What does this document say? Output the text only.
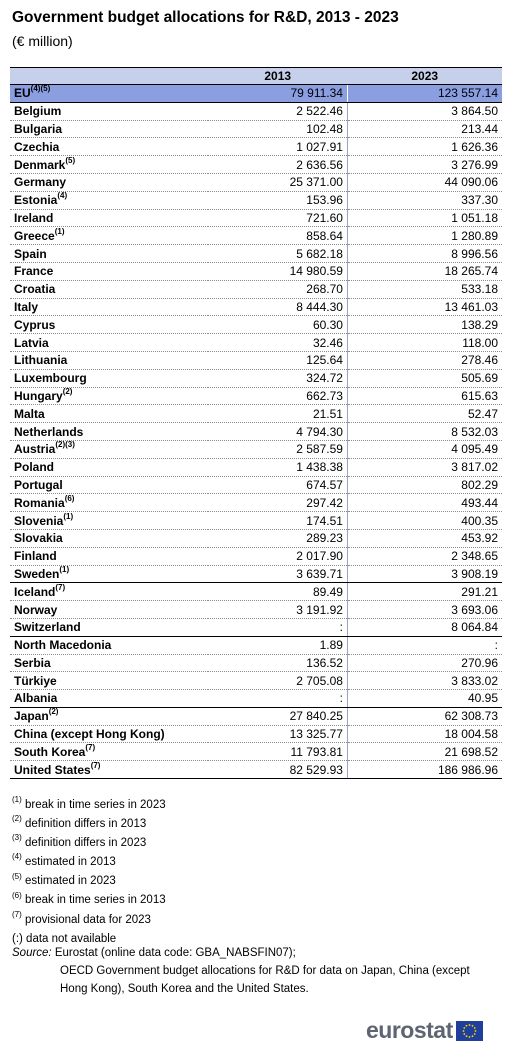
Government budget allocations for R&D, 2013 - 2023
(€ million)
	2013	2023
$EU^{(4)(5)}$	79 911.34	123 557.14
Belgium	2 522.46	3 864.50
Bulgaria	102.48	213.44
Czechia	1 027.91	1 626.36
Denmark$^{(5)}$	2 636.56	3 276.99
Germany	25 371.00	44 090.06
Estonia$^{(4)}$	153.96	337.30
Ireland	721.60	1 051.18
Greece$^{(1)}$	858.64	1 280.89
Spain	5 682.18	8 996.56
France	14 980.59	18 265.74
Croatia	268.70	533.18
Italy	8 444.30	13 461.03
Cyprus	60.30	138.29
Latvia	32.46	118.00
Lithuania	125.64	278.46
Luxembourg	324.72	505.69
Hungary$^{(2)}$	662.73	615.63
Malta	21.51	52.47
Netherlands	4 794.30	8 532.03
Austria$^{(2)(3)}$	2 587.59	4 095.49
Poland	1 438.38	3 817.02
Portugal	674.57	802.29
Romania$^{(6)}$	297.42	493.44
Slovenia$^{(1)}$	174.51	400.35
Slovakia	289.23	453.92
Finland	2 017.90	2 348.65
Sweden$^{(1)}$	3 639.71	3 908.19
Iceland$^{(7)}$	89.49	291.21
Norway	3 191.92	3 693.06
Switzerland	:	8 064.84
North Macedonia	1.89	:
Serbia	136.52	270.96
Türkiye	2 705.08	3 833.02
Albania	:	40.95
Japan$^{(2)}$	27 840.25	62 308.73
China (except Hong Kong)	13 325.77	18 004.58
South Korea$^{(7)}$	11 793.81	21 698.52
United States$^{(7)}$	82 529.93	186 986.96
$^{(1)}$ break in time series in 2023
$^{(2)}$ definition differs in 2013
$^{(3)}$ definition differs in 2023
$^{(4)}$ estimated in 2013
$^{(5)}$ estimated in 2023
$^{(6)}$ break in time series in 2013
$^{(7)}$ provisional data for 2023
(:) data not available
Source: Eurostat (online data code: GBA_NABSFIN07);
OECD Government budget allocations for R&D for data on Japan, China (except Hong Kong), South Korea and the United States.
eurostat
